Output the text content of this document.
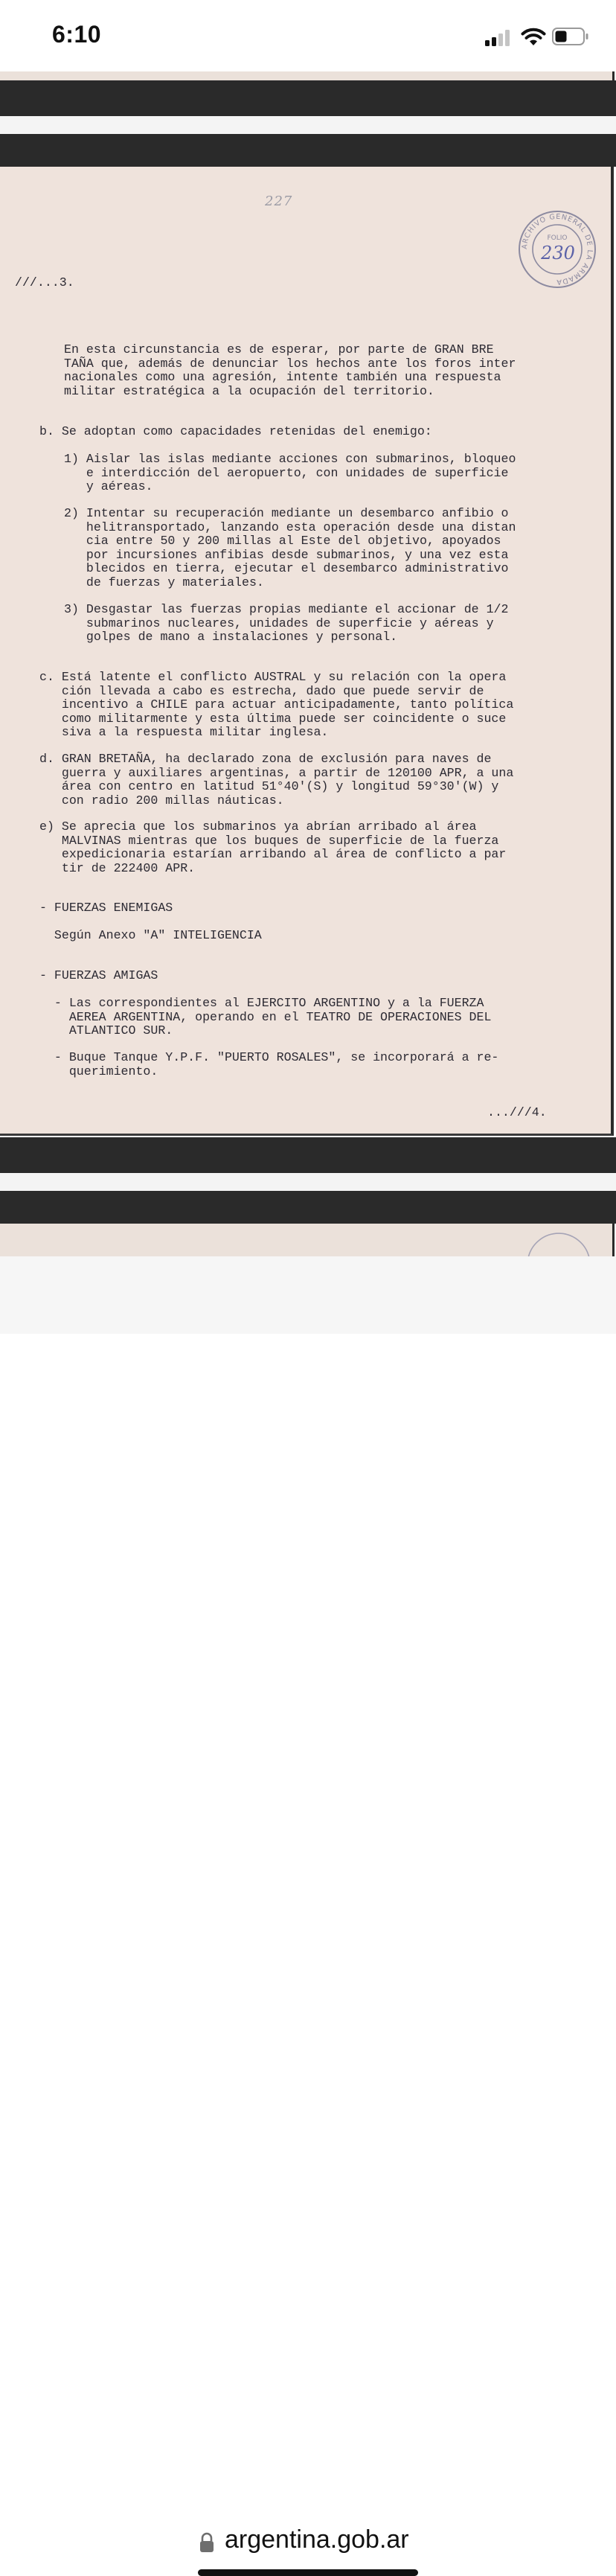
6:10
227
ARCHIVO GENERAL DE LA ARMADA
FOLIO
230
///...3.
En esta circunstancia es de esperar, por parte de GRAN BRE
TAÑA que, además de denunciar los hechos ante los foros inter
nacionales como una agresión, intente también una respuesta
militar estratégica a la ocupación del territorio.
b. Se adoptan como capacidades retenidas del enemigo:
1) Aislar las islas mediante acciones con submarinos, bloqueo
e interdicción del aeropuerto, con unidades de superficie
y aéreas.
2) Intentar su recuperación mediante un desembarco anfibio o
helitransportado, lanzando esta operación desde una distan
cia entre 50 y 200 millas al Este del objetivo, apoyados
por incursiones anfibias desde submarinos, y una vez esta
blecidos en tierra, ejecutar el desembarco administrativo
de fuerzas y materiales.
3) Desgastar las fuerzas propias mediante el accionar de 1/2
submarinos nucleares, unidades de superficie y aéreas y
golpes de mano a instalaciones y personal.
c. Está latente el conflicto AUSTRAL y su relación con la opera
ción llevada a cabo es estrecha, dado que puede servir de
incentivo a CHILE para actuar anticipadamente, tanto política
como militarmente y esta última puede ser coincidente o suce
siva a la respuesta militar inglesa.
d. GRAN BRETAÑA, ha declarado zona de exclusión para naves de
guerra y auxiliares argentinas, a partir de 120100 APR, a una
área con centro en latitud 51°40'(S) y longitud 59°30'(W) y
con radio 200 millas náuticas.
e) Se aprecia que los submarinos ya abrían arribado al área
MALVINAS mientras que los buques de superficie de la fuerza
expedicionaria estarían arribando al área de conflicto a par
tir de 222400 APR.
- FUERZAS ENEMIGAS
Según Anexo "A" INTELIGENCIA
- FUERZAS AMIGAS
- Las correspondientes al EJERCITO ARGENTINO y a la FUERZA
AEREA ARGENTINA, operando en el TEATRO DE OPERACIONES DEL
ATLANTICO SUR.
- Buque Tanque Y.P.F. "PUERTO ROSALES", se incorporará a re-
querimiento.
...///4.
argentina.gob.ar
